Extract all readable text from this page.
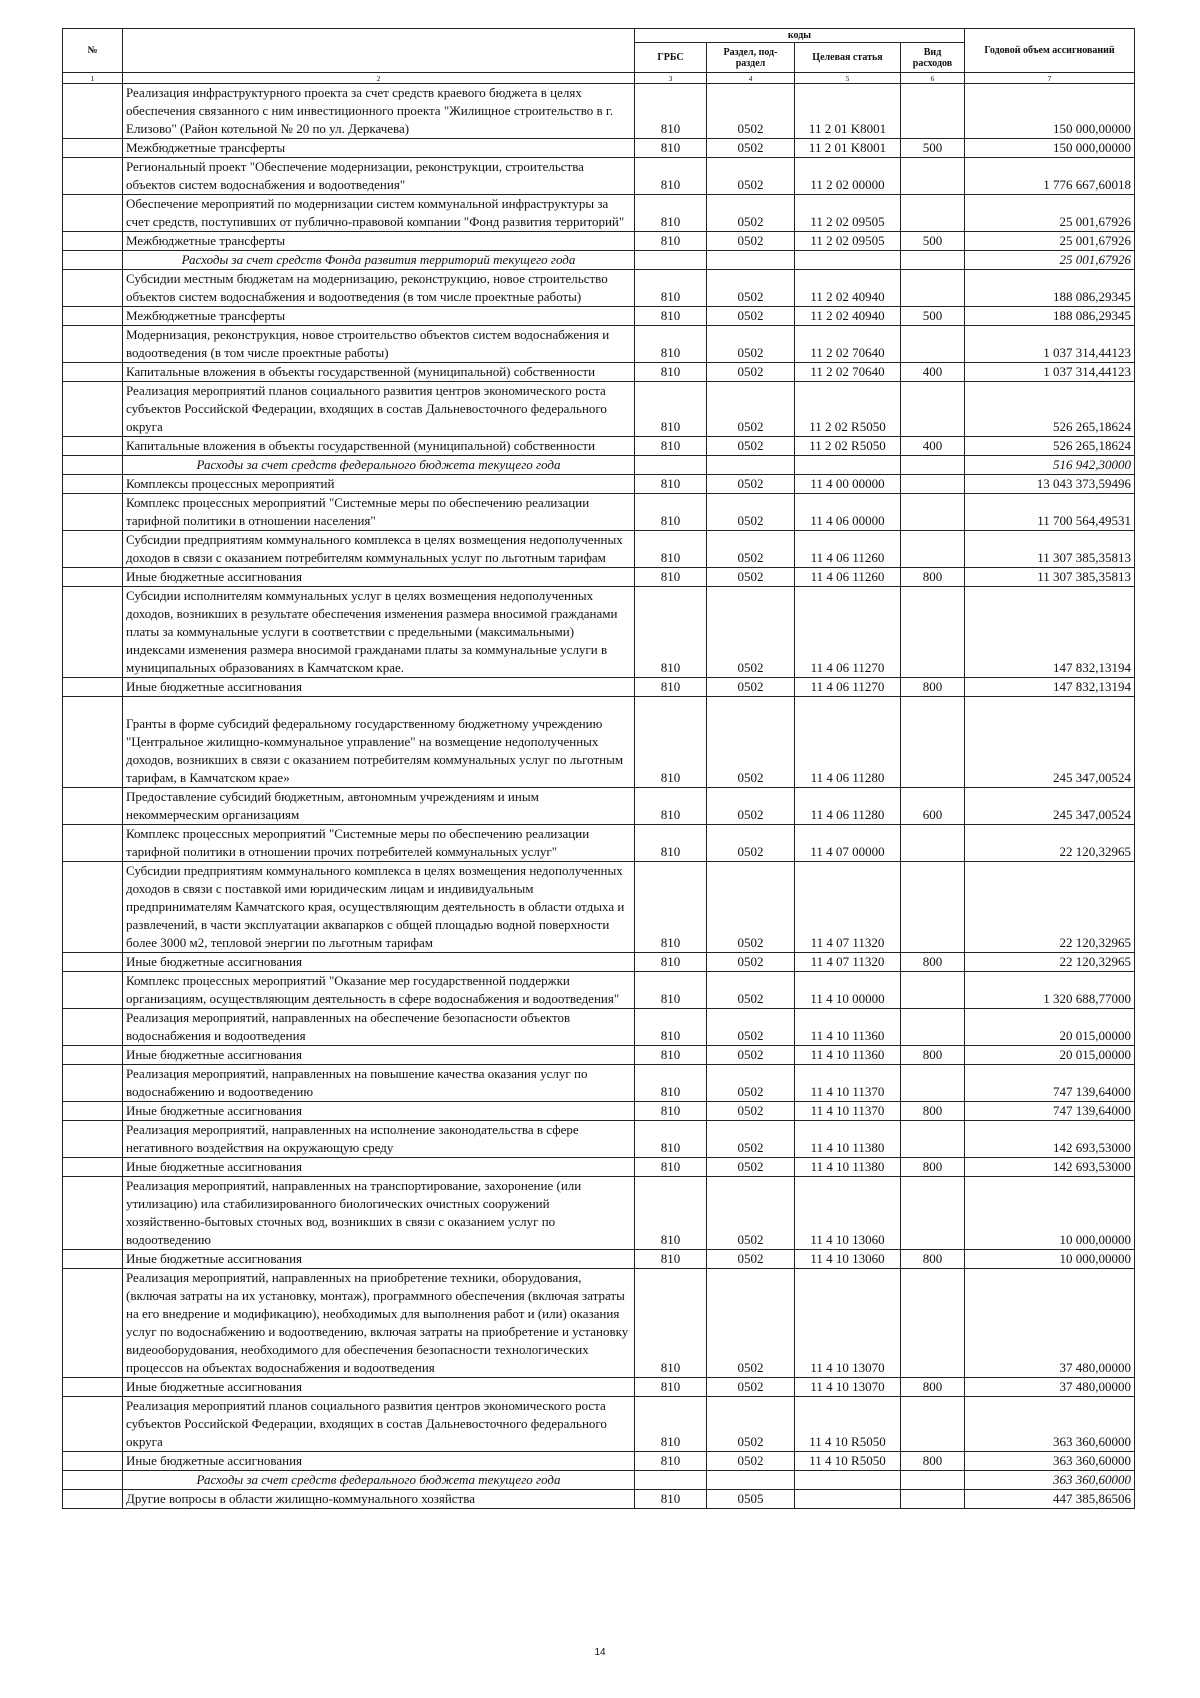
№		коды				Годовой объем ассигнований
		ГРБС	Раздел, под-раздел	Целевая статья	Вид расходов	
1	2	3	4	5	6	7
	Реализация инфраструктурного проекта за счет средств краевого бюджета в целях обеспечения связанного с ним инвестиционного проекта "Жилищное строительство в г. Елизово" (Район котельной № 20 по ул. Деркачева)	810	0502	11 2 01 K8001		150 000,00000
	Межбюджетные трансферты	810	0502	11 2 01 K8001	500	150 000,00000
	Региональный проект "Обеспечение модернизации, реконструкции, строительства объектов систем водоснабжения и водоотведения"	810	0502	11 2 02 00000		1 776 667,60018
	Обеспечение мероприятий по модернизации систем коммунальной инфраструктуры за счет средств, поступивших от публично-правовой компании "Фонд развития территорий"	810	0502	11 2 02 09505		25 001,67926
	Межбюджетные трансферты	810	0502	11 2 02 09505	500	25 001,67926
	Расходы за счет средств Фонда развития территорий текущего года					25 001,67926
	Субсидии местным бюджетам на модернизацию, реконструкцию, новое строительство объектов систем водоснабжения и водоотведения (в том числе проектные работы)	810	0502	11 2 02 40940		188 086,29345
	Межбюджетные трансферты	810	0502	11 2 02 40940	500	188 086,29345
	Модернизация, реконструкция, новое строительство объектов систем водоснабжения и водоотведения (в том числе проектные работы)	810	0502	11 2 02 70640		1 037 314,44123
	Капитальные вложения в объекты государственной (муниципальной) собственности	810	0502	11 2 02 70640	400	1 037 314,44123
	Реализация мероприятий планов социального развития центров экономического роста субъектов Российской Федерации, входящих в состав Дальневосточного федерального округа	810	0502	11 2 02 R5050		526 265,18624
	Капитальные вложения в объекты государственной (муниципальной) собственности	810	0502	11 2 02 R5050	400	526 265,18624
	Расходы за счет средств федерального бюджета текущего года					516 942,30000
	Комплексы процессных мероприятий	810	0502	11 4 00 00000		13 043 373,59496
	Комплекс процессных мероприятий "Системные меры по обеспечению реализации тарифной политики в отношении населения"	810	0502	11 4 06 00000		11 700 564,49531
	Субсидии предприятиям коммунального комплекса в целях возмещения недополученных доходов в связи с оказанием потребителям коммунальных услуг по льготным тарифам	810	0502	11 4 06 11260		11 307 385,35813
	Иные бюджетные ассигнования	810	0502	11 4 06 11260	800	11 307 385,35813
	Субсидии исполнителям коммунальных услуг в целях возмещения недополученных доходов, возникших в результате обеспечения изменения размера вносимой гражданами платы за коммунальные услуги в соответствии с предельными (максимальными) индексами изменения размера вносимой гражданами платы за коммунальные услуги в муниципальных образованиях в Камчатском крае.	810	0502	11 4 06 11270		147 832,13194
	Иные бюджетные ассигнования	810	0502	11 4 06 11270	800	147 832,13194
	Гранты в форме субсидий федеральному государственному бюджетному учреждению "Центральное жилищно-коммунальное управление" на возмещение недополученных доходов, возникших в связи с оказанием потребителям коммунальных услуг по льготным тарифам, в Камчатском крае»	810	0502	11 4 06 11280		245 347,00524
	Предоставление субсидий бюджетным, автономным учреждениям и иным некоммерческим организациям	810	0502	11 4 06 11280	600	245 347,00524
	Комплекс процессных мероприятий "Системные меры по обеспечению реализации тарифной политики в отношении прочих потребителей коммунальных услуг"	810	0502	11 4 07 00000		22 120,32965
	Субсидии предприятиям коммунального комплекса в целях возмещения недополученных доходов в связи с поставкой ими юридическим лицам и индивидуальным предпринимателям Камчатского края, осуществляющим деятельность в области отдыха и развлечений, в части эксплуатации аквапарков с общей площадью водной поверхности более 3000 м2, тепловой энергии по льготным тарифам	810	0502	11 4 07 11320		22 120,32965
	Иные бюджетные ассигнования	810	0502	11 4 07 11320	800	22 120,32965
	Комплекс процессных мероприятий "Оказание мер государственной поддержки организациям, осуществляющим деятельность в сфере водоснабжения и водоотведения"	810	0502	11 4 10 00000		1 320 688,77000
	Реализация мероприятий, направленных на обеспечение безопасности объектов водоснабжения и водоотведения	810	0502	11 4 10 11360		20 015,00000
	Иные бюджетные ассигнования	810	0502	11 4 10 11360	800	20 015,00000
	Реализация мероприятий, направленных на повышение качества оказания услуг по водоснабжению и водоотведению	810	0502	11 4 10 11370		747 139,64000
	Иные бюджетные ассигнования	810	0502	11 4 10 11370	800	747 139,64000
	Реализация мероприятий, направленных на исполнение законодательства в сфере негативного воздействия на окружающую среду	810	0502	11 4 10 11380		142 693,53000
	Иные бюджетные ассигнования	810	0502	11 4 10 11380	800	142 693,53000
	Реализация мероприятий, направленных на транспортирование, захоронение (или утилизацию) ила стабилизированного биологических очистных сооружений хозяйственно-бытовых сточных вод, возникших в связи с оказанием услуг по водоотведению	810	0502	11 4 10 13060		10 000,00000
	Иные бюджетные ассигнования	810	0502	11 4 10 13060	800	10 000,00000
	Реализация мероприятий, направленных на приобретение техники, оборудования, (включая затраты на их установку, монтаж), программного обеспечения (включая затраты на его внедрение и модификацию), необходимых для выполнения работ и (или) оказания услуг по водоснабжению и водоотведению, включая затраты на приобретение и установку видеооборудования, необходимого для обеспечения безопасности технологических процессов на объектах водоснабжения и водоотведения	810	0502	11 4 10 13070		37 480,00000
	Иные бюджетные ассигнования	810	0502	11 4 10 13070	800	37 480,00000
	Реализация мероприятий планов социального развития центров экономического роста субъектов Российской Федерации, входящих в состав Дальневосточного федерального округа	810	0502	11 4 10 R5050		363 360,60000
	Иные бюджетные ассигнования	810	0502	11 4 10 R5050	800	363 360,60000
	Расходы за счет средств федерального бюджета текущего года					363 360,60000
	Другие вопросы в области жилищно-коммунального хозяйства	810	0505			447 385,86506
14
